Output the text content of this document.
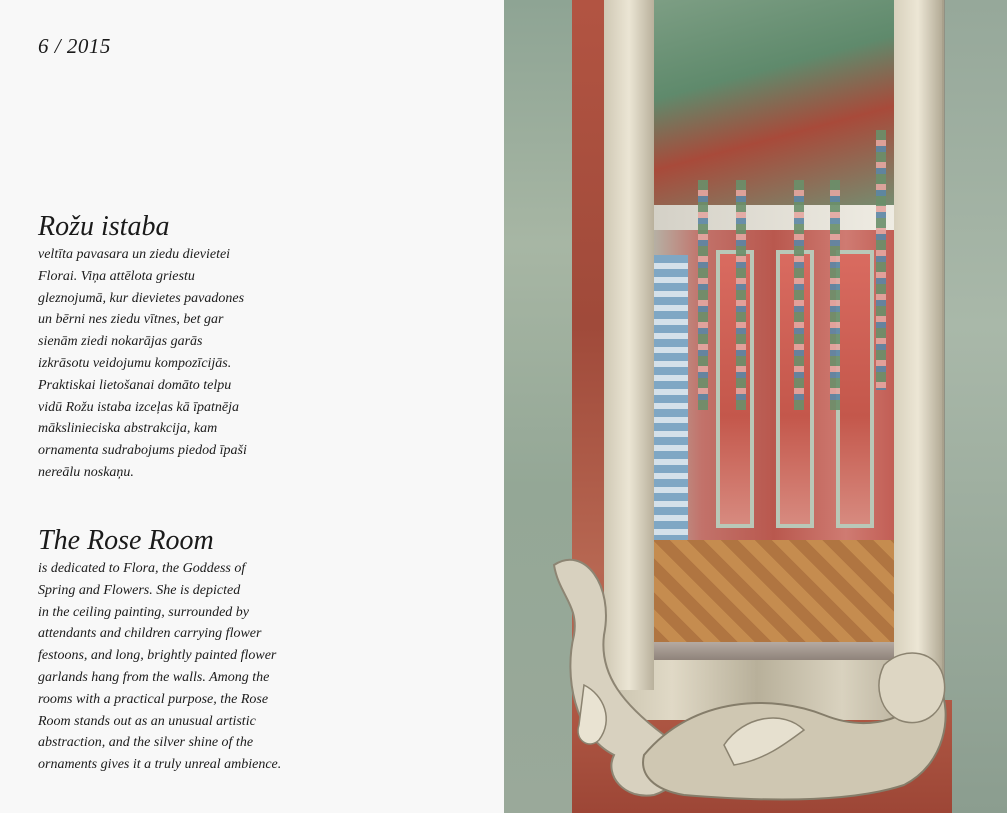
6 / 2015
Rožu istaba
veltīta pavasara un ziedu dievietei
Florai. Viņa attēlota griestu
gleznojumā, kur dievietes pavadones
un bērni nes ziedu vītnes, bet gar
sienām ziedi nokarājas garās
izkrāsotu veidojumu kompozīcijās.
Praktiskai lietošanai domāto telpu
vidū Rožu istaba izceļas kā īpatnēja
mākslinieciska abstrakcija, kam
ornamenta sudrabojums piedod īpaši
nereālu noskaņu.
The Rose Room
is dedicated to Flora, the Goddess of
Spring and Flowers. She is depicted
in the ceiling painting, surrounded by
attendants and children carrying flower
festoons, and long, brightly painted flower
garlands hang from the walls. Among the
rooms with a practical purpose, the Rose
Room stands out as an unusual artistic
abstraction, and the silver shine of the
ornaments gives it a truly unreal ambience.
